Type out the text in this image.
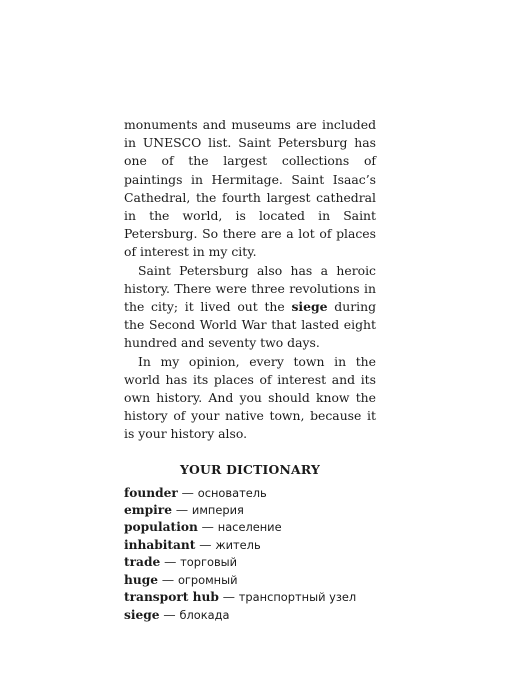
monuments and museums are included in UNESCO list. Saint Petersburg has one of the largest collections of paintings in Hermitage. Saint Isaac’s Cathedral, the fourth largest cathedral in the world, is located in Saint Petersburg. So there are a lot of places of interest in my city.

Saint Petersburg also has a heroic history. There were three revolutions in the city; it lived out the siege during the Second World War that lasted eight hundred and seventy two days.

In my opinion, every town in the world has its places of interest and its own history. And you should know the history of your native town, because it is your history also.

YOUR DICTIONARY
founder — основатель
empire — империя
population — население
inhabitant — житель
trade — торговый
huge — огромный
transport hub — транспортный узел
siege — блокада
